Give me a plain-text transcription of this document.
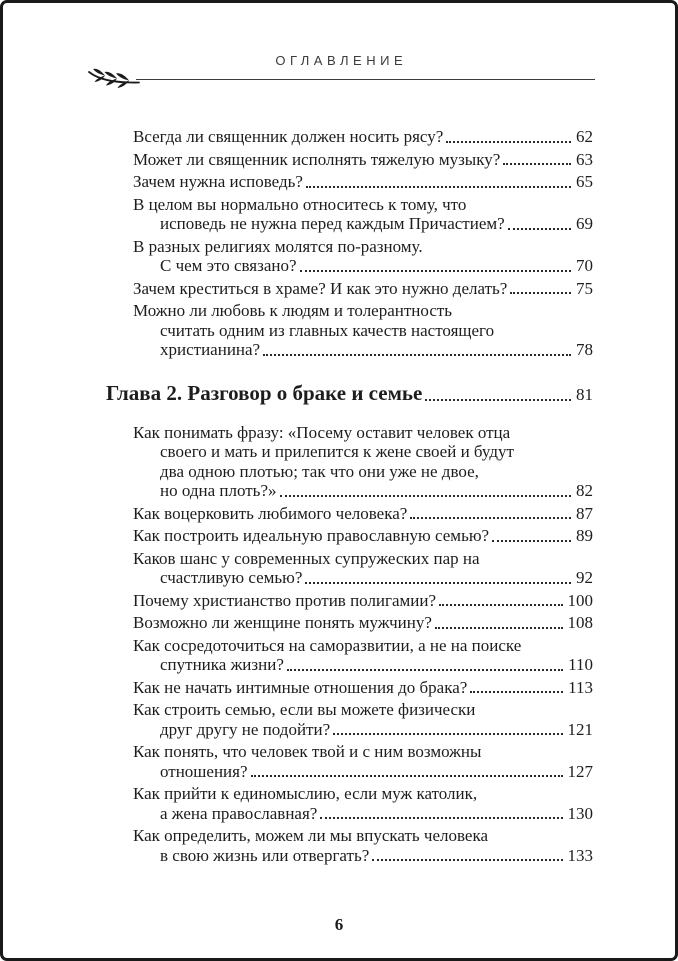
ОГЛАВЛЕНИЕ
Всегда ли священник должен носить рясу?	62
Может ли священник исполнять тяжелую музыку?	63
Зачем нужна исповедь?	65
В целом вы нормально относитесь к тому, что
исповедь не нужна перед каждым Причастием?	69
В разных религиях молятся по-разному.
С чем это связано?	70
Зачем креститься в храме? И как это нужно делать?	75
Можно ли любовь к людям и толерантность
считать одним из главных качеств настоящего
христианина?	78
Глава 2. Разговор о браке и семье	81
Как понимать фразу: «Посему оставит человек отца
своего и мать и прилепится к жене своей и будут
два одною плотью; так что они уже не двое,
но одна плоть?»	82
Как воцерковить любимого человека?	87
Как построить идеальную православную семью?	89
Каков шанс у современных супружеских пар на
счастливую семью?	92
Почему христианство против полигамии?	100
Возможно ли женщине понять мужчину?	108
Как сосредоточиться на саморазвитии, а не на поиске
спутника жизни?	110
Как не начать интимные отношения до брака?	113
Как строить семью, если вы можете физически
друг другу не подойти?	121
Как понять, что человек твой и с ним возможны
отношения?	127
Как прийти к единомыслию, если муж католик,
а жена православная?	130
Как определить, можем ли мы впускать человека
в свою жизнь или отвергать?	133
6
